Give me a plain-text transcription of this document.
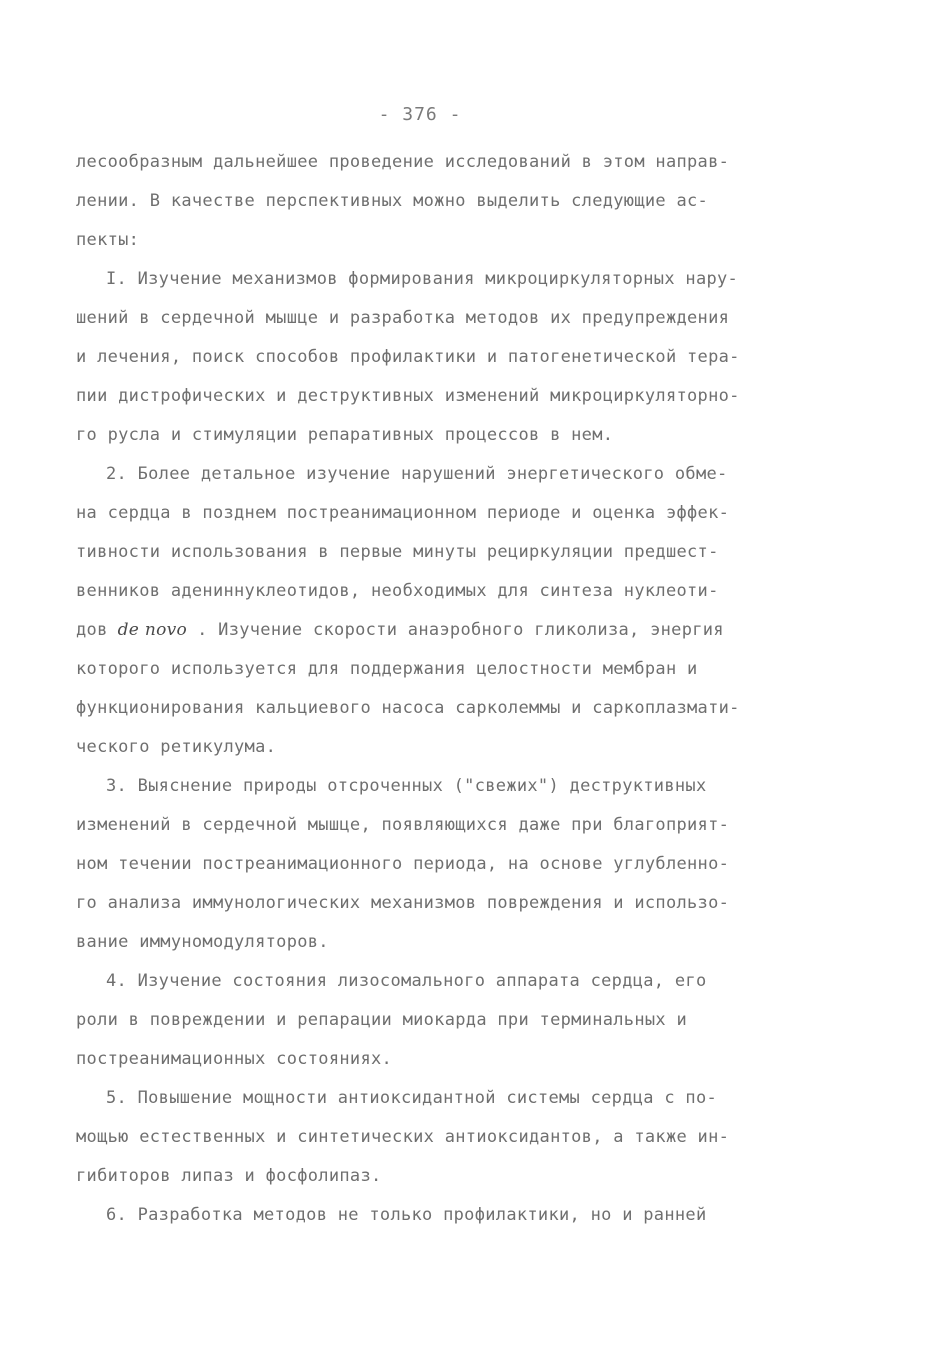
- 376 -
лесообразным дальнейшее проведение исследований в этом направ-
лении. В качестве перспективных можно выделить следующие ас-
пекты:
I. Изучение механизмов формирования микроциркуляторных нару-
шений в сердечной мышце и разработка методов их предупреждения
и лечения, поиск способов профилактики и патогенетической тера-
пии дистрофических и деструктивных изменений микроциркуляторно-
го русла и стимуляции репаративных процессов в нем.
2. Более детальное изучение нарушений энергетического обме-
на сердца в позднем постреанимационном периоде и оценка эффек-
тивности использования в первые минуты рециркуляции предшест-
венников адениннуклеотидов, необходимых для синтеза нуклеоти-
дов de novo . Изучение скорости анаэробного гликолиза, энергия
которого используется для поддержания целостности мембран и
функционирования кальциевого насоса сарколеммы и саркоплазмати-
ческого ретикулума.
3. Выяснение природы отсроченных ("свежих") деструктивных
изменений в сердечной мышце, появляющихся даже при благоприят-
ном течении постреанимационного периода, на основе углубленно-
го анализа иммунологических механизмов повреждения и использо-
вание иммуномодуляторов.
4. Изучение состояния лизосомального аппарата сердца, его
роли в повреждении и репарации миокарда при терминальных и
постреанимационных состояниях.
5. Повышение мощности антиоксидантной системы сердца с по-
мощью естественных и синтетических антиоксидантов, а также ин-
гибиторов липаз и фосфолипаз.
6. Разработка методов не только профилактики, но и ранней
